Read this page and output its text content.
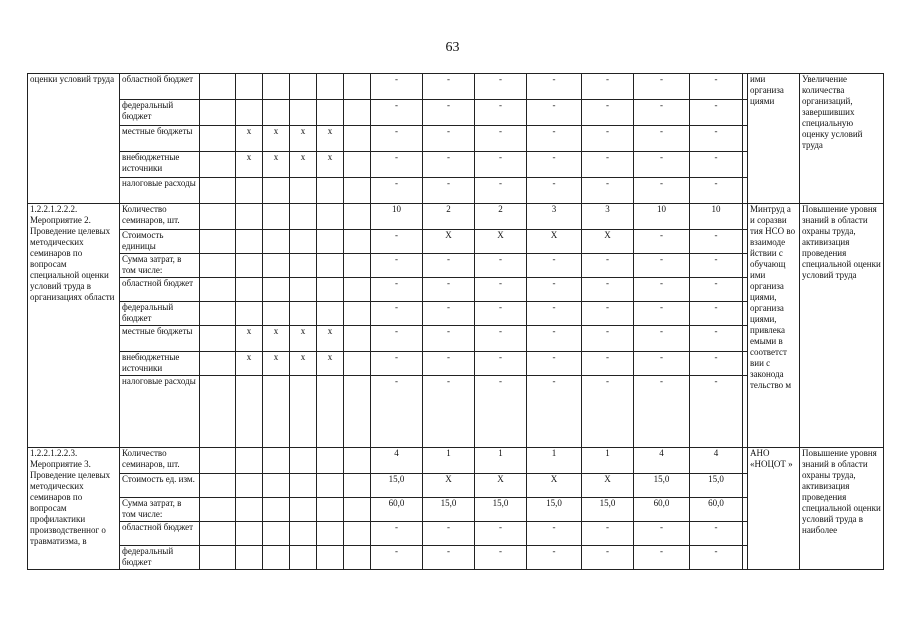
63
оценки условий труда	областной бюджет							-	-	-	-	-	-	-		ими организа циями	Увеличение количества организаций, завершивших специальную оценку условий труда
	федеральный бюджет							-	-	-	-	-	-	-			
	местные бюджеты		x	x	x	x		-	-	-	-	-	-	-			
	внебюджетные источники		x	x	x	x		-	-	-	-	-	-	-			
	налоговые расходы							-	-	-	-	-	-	-			
1.2.2.1.2.2.2. Мероприятие 2. Проведение целевых методических семинаров по вопросам специальной оценки условий труда в организациях области	Количество семинаров, шт.							10	2	2	3	3	10	10		Минтруд а и соразви тия НСО во взаимоде йствии с обучающ ими организа циями, организа циями, привлека емыми в соответст вии с законода тельство м	Повышение уровня знаний в области охраны труда, активизация проведения специальной оценки условий труда
	Стоимость единицы							-	X	X	X	X	-	-			
	Сумма затрат, в том числе:							-	-	-	-	-	-	-			
	областной бюджет							-	-	-	-	-	-	-			
	федеральный бюджет							-	-	-	-	-	-	-			
	местные бюджеты		x	x	x	x		-	-	-	-	-	-	-			
	внебюджетные источники		x	x	x	x		-	-	-	-	-	-	-			
	налоговые расходы							-	-	-	-	-	-	-			
1.2.2.1.2.2.3. Мероприятие 3. Проведение целевых методических семинаров по вопросам профилактики производственног о травматизма, в	Количество семинаров, шт.							4	1	1	1	1	4	4		АНО «НОЦОТ »	Повышение уровня знаний в области охраны труда, активизация проведения специальной оценки условий труда в наиболее
	Стоимость ед. изм.							15,0	X	X	X	X	15,0	15,0			
	Сумма затрат, в том числе:							60,0	15,0	15,0	15,0	15,0	60,0	60,0			
	областной бюджет							-	-	-	-	-	-	-			
	федеральный бюджет							-	-	-	-	-	-	-			
